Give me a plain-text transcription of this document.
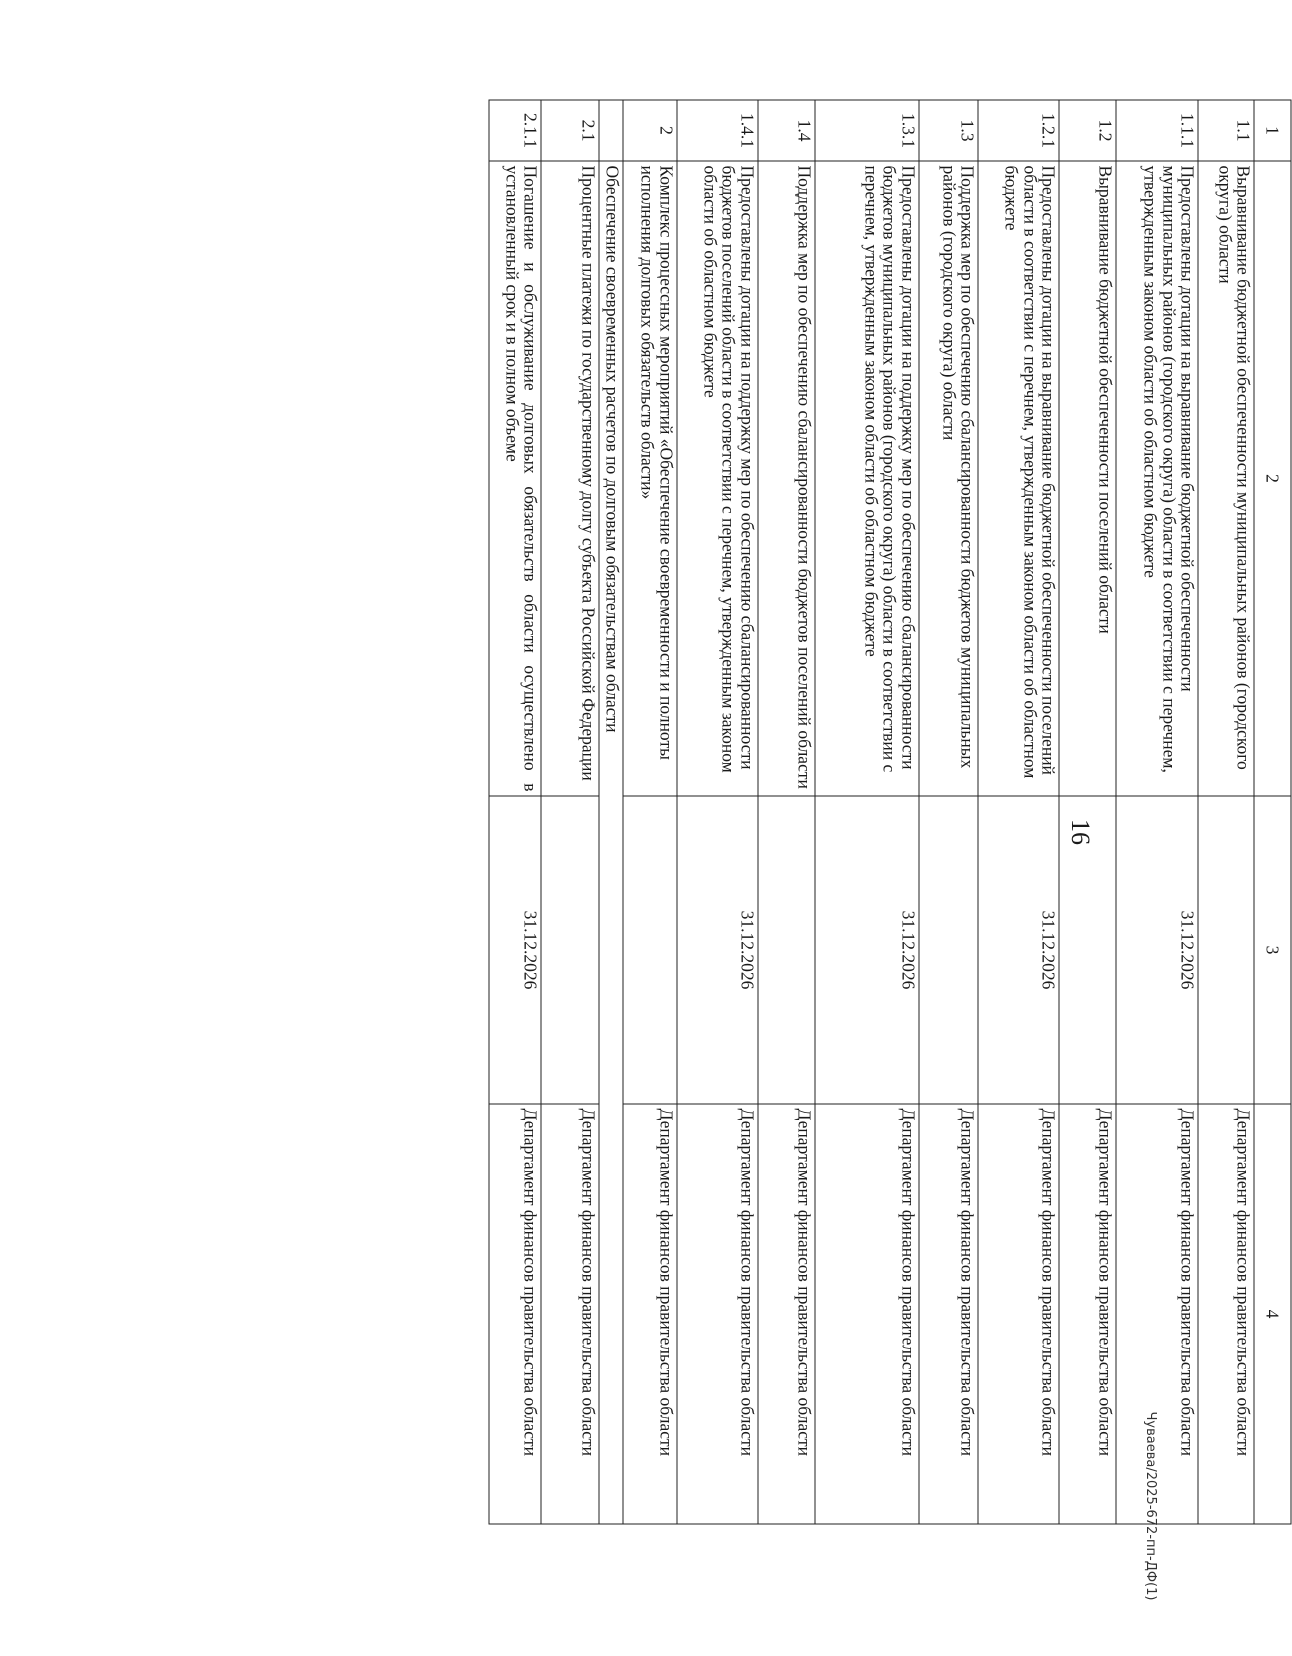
16
1	2	3	4
1.1	Выравнивание бюджетной обеспеченности муниципальных районов (городского округа) области		Департамент финансов правительства области
1.1.1	Предоставлены дотации на выравнивание бюджетной обеспеченности муниципальных районов (городского округа) области в соответствии с перечнем, утвержденным законом области об областном бюджете	31.12.2026	Департамент финансов правительства области
1.2	Выравнивание бюджетной обеспеченности поселений области		Департамент финансов правительства области
1.2.1	Предоставлены дотации на выравнивание бюджетной обеспеченности поселений области в соответствии с перечнем, утвержденным законом области об областном бюджете	31.12.2026	Департамент финансов правительства области
1.3	Поддержка мер по обеспечению сбалансированности бюджетов муниципальных районов (городского округа) области		Департамент финансов правительства области
1.3.1	Предоставлены дотации на поддержку мер по обеспечению сбалансированности бюджетов муниципальных районов (городского округа) области в соответствии с перечнем, утвержденным законом области об областном бюджете	31.12.2026	Департамент финансов правительства области
1.4	Поддержка мер по обеспечению сбалансированности бюджетов поселений области		Департамент финансов правительства области
1.4.1	Предоставлены дотации на поддержку мер по обеспечению сбалансированности бюджетов поселений области в соответствии с перечнем, утвержденным законом области об областном бюджете	31.12.2026	Департамент финансов правительства области
2	Комплекс процессных мероприятий «Обеспечение своевременности и полноты исполнения долговых обязательств области»		Департамент финансов правительства области
	Обеспечение своевременных расчетов по долговым обязательствам области		
2.1	Процентные платежи по государственному долгу субъекта Российской Федерации		Департамент финансов правительства области
2.1.1	Погашение и обслуживание долговых обязательств области осуществлено в установленный срок и в полном объеме	31.12.2026	Департамент финансов правительства области
Чуваева/2025-672-пп-ДФ(1)
